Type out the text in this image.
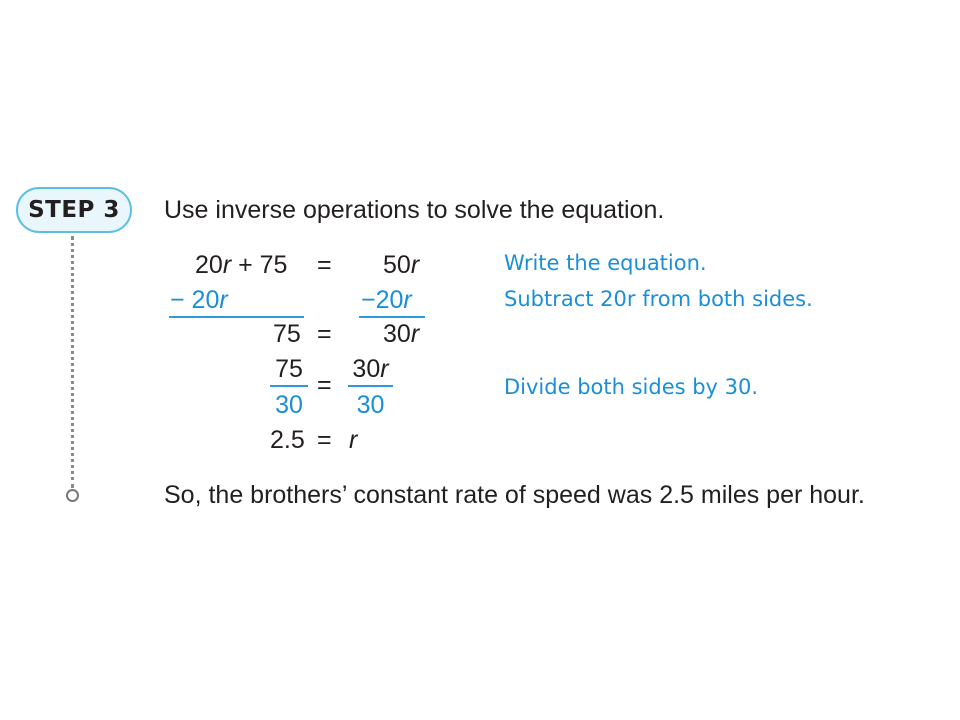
STEP 3 Use inverse operations to solve the equation.
20r + 75 = 50r
− 20r	−20r
75 = 30r
75
30
=
30r
30
2.5 = r
Write the equation.
Subtract 20r from both sides.
Divide both sides by 30.
So, the brothers’ constant rate of speed was 2.5 miles per hour.
